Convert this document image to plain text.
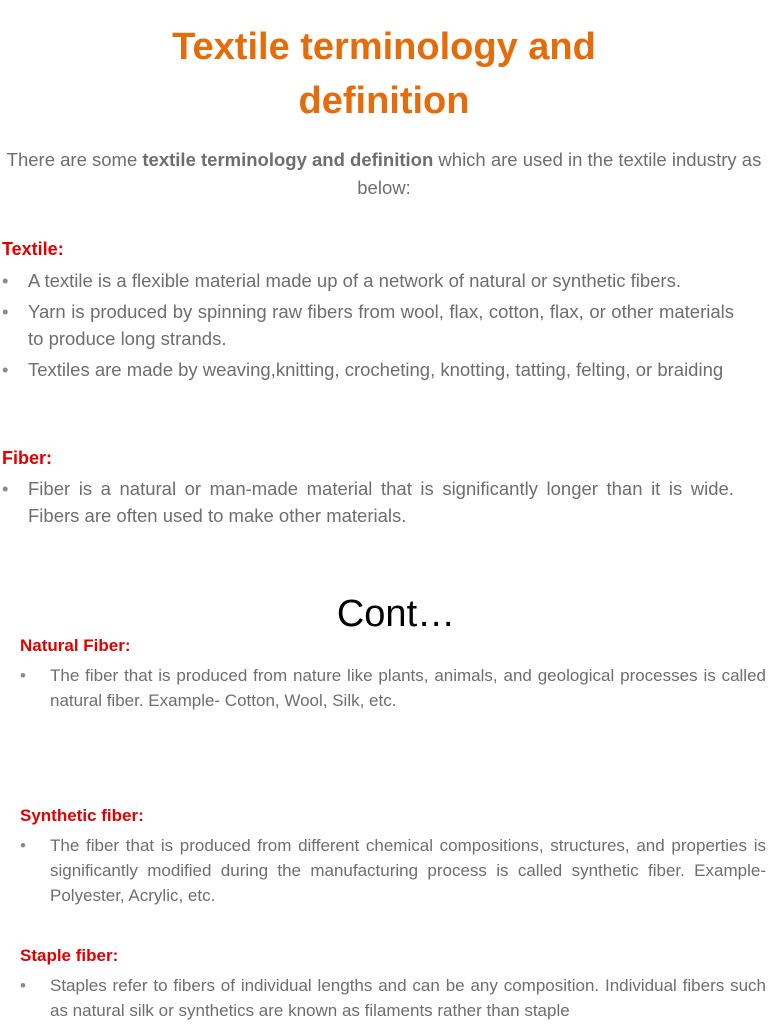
Textile terminology and
definition
There are some textile terminology and definition which are used in the textile industry as below:
Textile:
• A textile is a flexible material made up of a network of natural or synthetic fibers.
• Yarn is produced by spinning raw fibers from wool, flax, cotton, flax, or other materials to produce long strands.
• Textiles are made by weaving,knitting, crocheting, knotting, tatting, felting, or braiding
Fiber:
• Fiber is a natural or man-made material that is significantly longer than it is wide. Fibers are often used to make other materials.
Cont…
Natural Fiber:
• The fiber that is produced from nature like plants, animals, and geological processes is called natural fiber. Example- Cotton, Wool, Silk, etc.
Synthetic fiber:
• The fiber that is produced from different chemical compositions, structures, and properties is significantly modified during the manufacturing process is called synthetic fiber. Example- Polyester, Acrylic, etc.
Staple fiber:
• Staples refer to fibers of individual lengths and can be any composition. Individual fibers such as natural silk or synthetics are known as filaments rather than staple
